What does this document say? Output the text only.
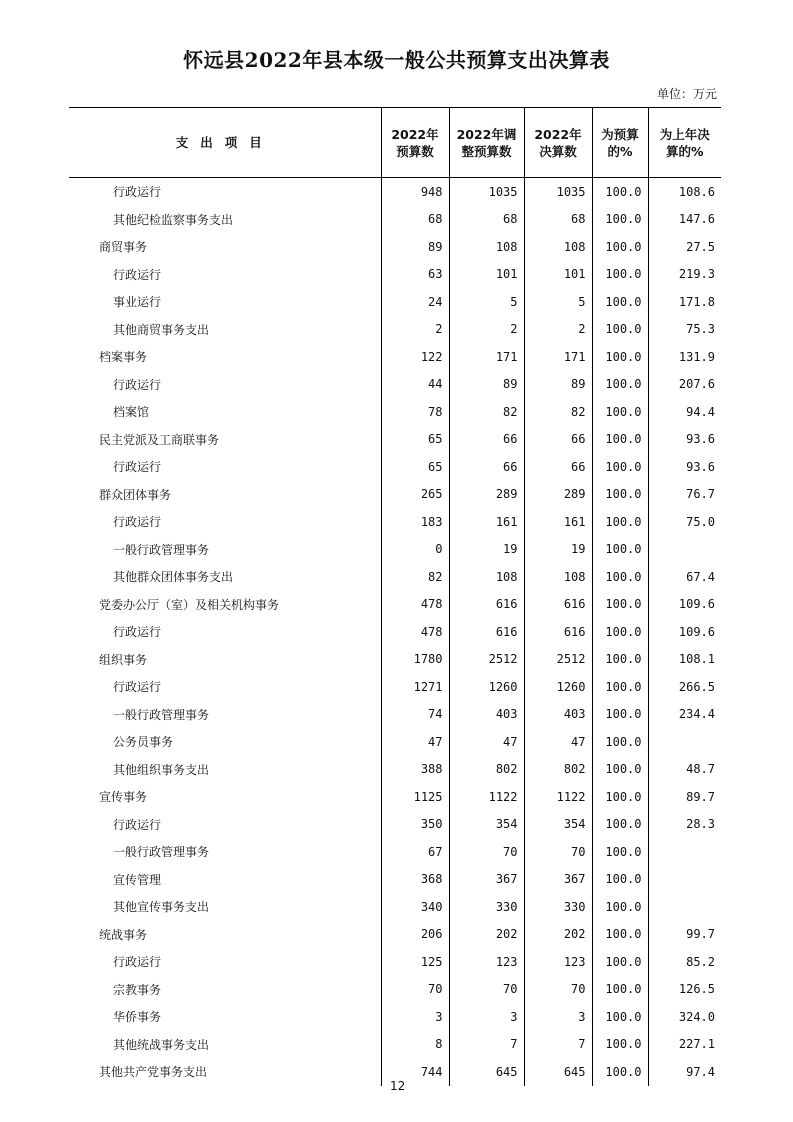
怀远县2022年县本级一般公共预算支出决算表
单位：万元
支出项目	2022年预算数	2022年调整预算数	2022年决算数	为预算的%	为上年决算的%

行政运行	948	1035	1035	100.0	108.6
其他纪检监察事务支出	68	68	68	100.0	147.6
商贸事务	89	108	108	100.0	27.5
行政运行	63	101	101	100.0	219.3
事业运行	24	5	5	100.0	171.8
其他商贸事务支出	2	2	2	100.0	75.3
档案事务	122	171	171	100.0	131.9
行政运行	44	89	89	100.0	207.6
档案馆	78	82	82	100.0	94.4
民主党派及工商联事务	65	66	66	100.0	93.6
行政运行	65	66	66	100.0	93.6
群众团体事务	265	289	289	100.0	76.7
行政运行	183	161	161	100.0	75.0
一般行政管理事务	0	19	19	100.0	
其他群众团体事务支出	82	108	108	100.0	67.4
党委办公厅（室）及相关机构事务	478	616	616	100.0	109.6
行政运行	478	616	616	100.0	109.6
组织事务	1780	2512	2512	100.0	108.1
行政运行	1271	1260	1260	100.0	266.5
一般行政管理事务	74	403	403	100.0	234.4
公务员事务	47	47	47	100.0	
其他组织事务支出	388	802	802	100.0	48.7
宣传事务	1125	1122	1122	100.0	89.7
行政运行	350	354	354	100.0	28.3
一般行政管理事务	67	70	70	100.0	
宣传管理	368	367	367	100.0	
其他宣传事务支出	340	330	330	100.0	
统战事务	206	202	202	100.0	99.7
行政运行	125	123	123	100.0	85.2
宗教事务	70	70	70	100.0	126.5
华侨事务	3	3	3	100.0	324.0
其他统战事务支出	8	7	7	100.0	227.1
其他共产党事务支出	744	645	645	100.0	97.4
12
